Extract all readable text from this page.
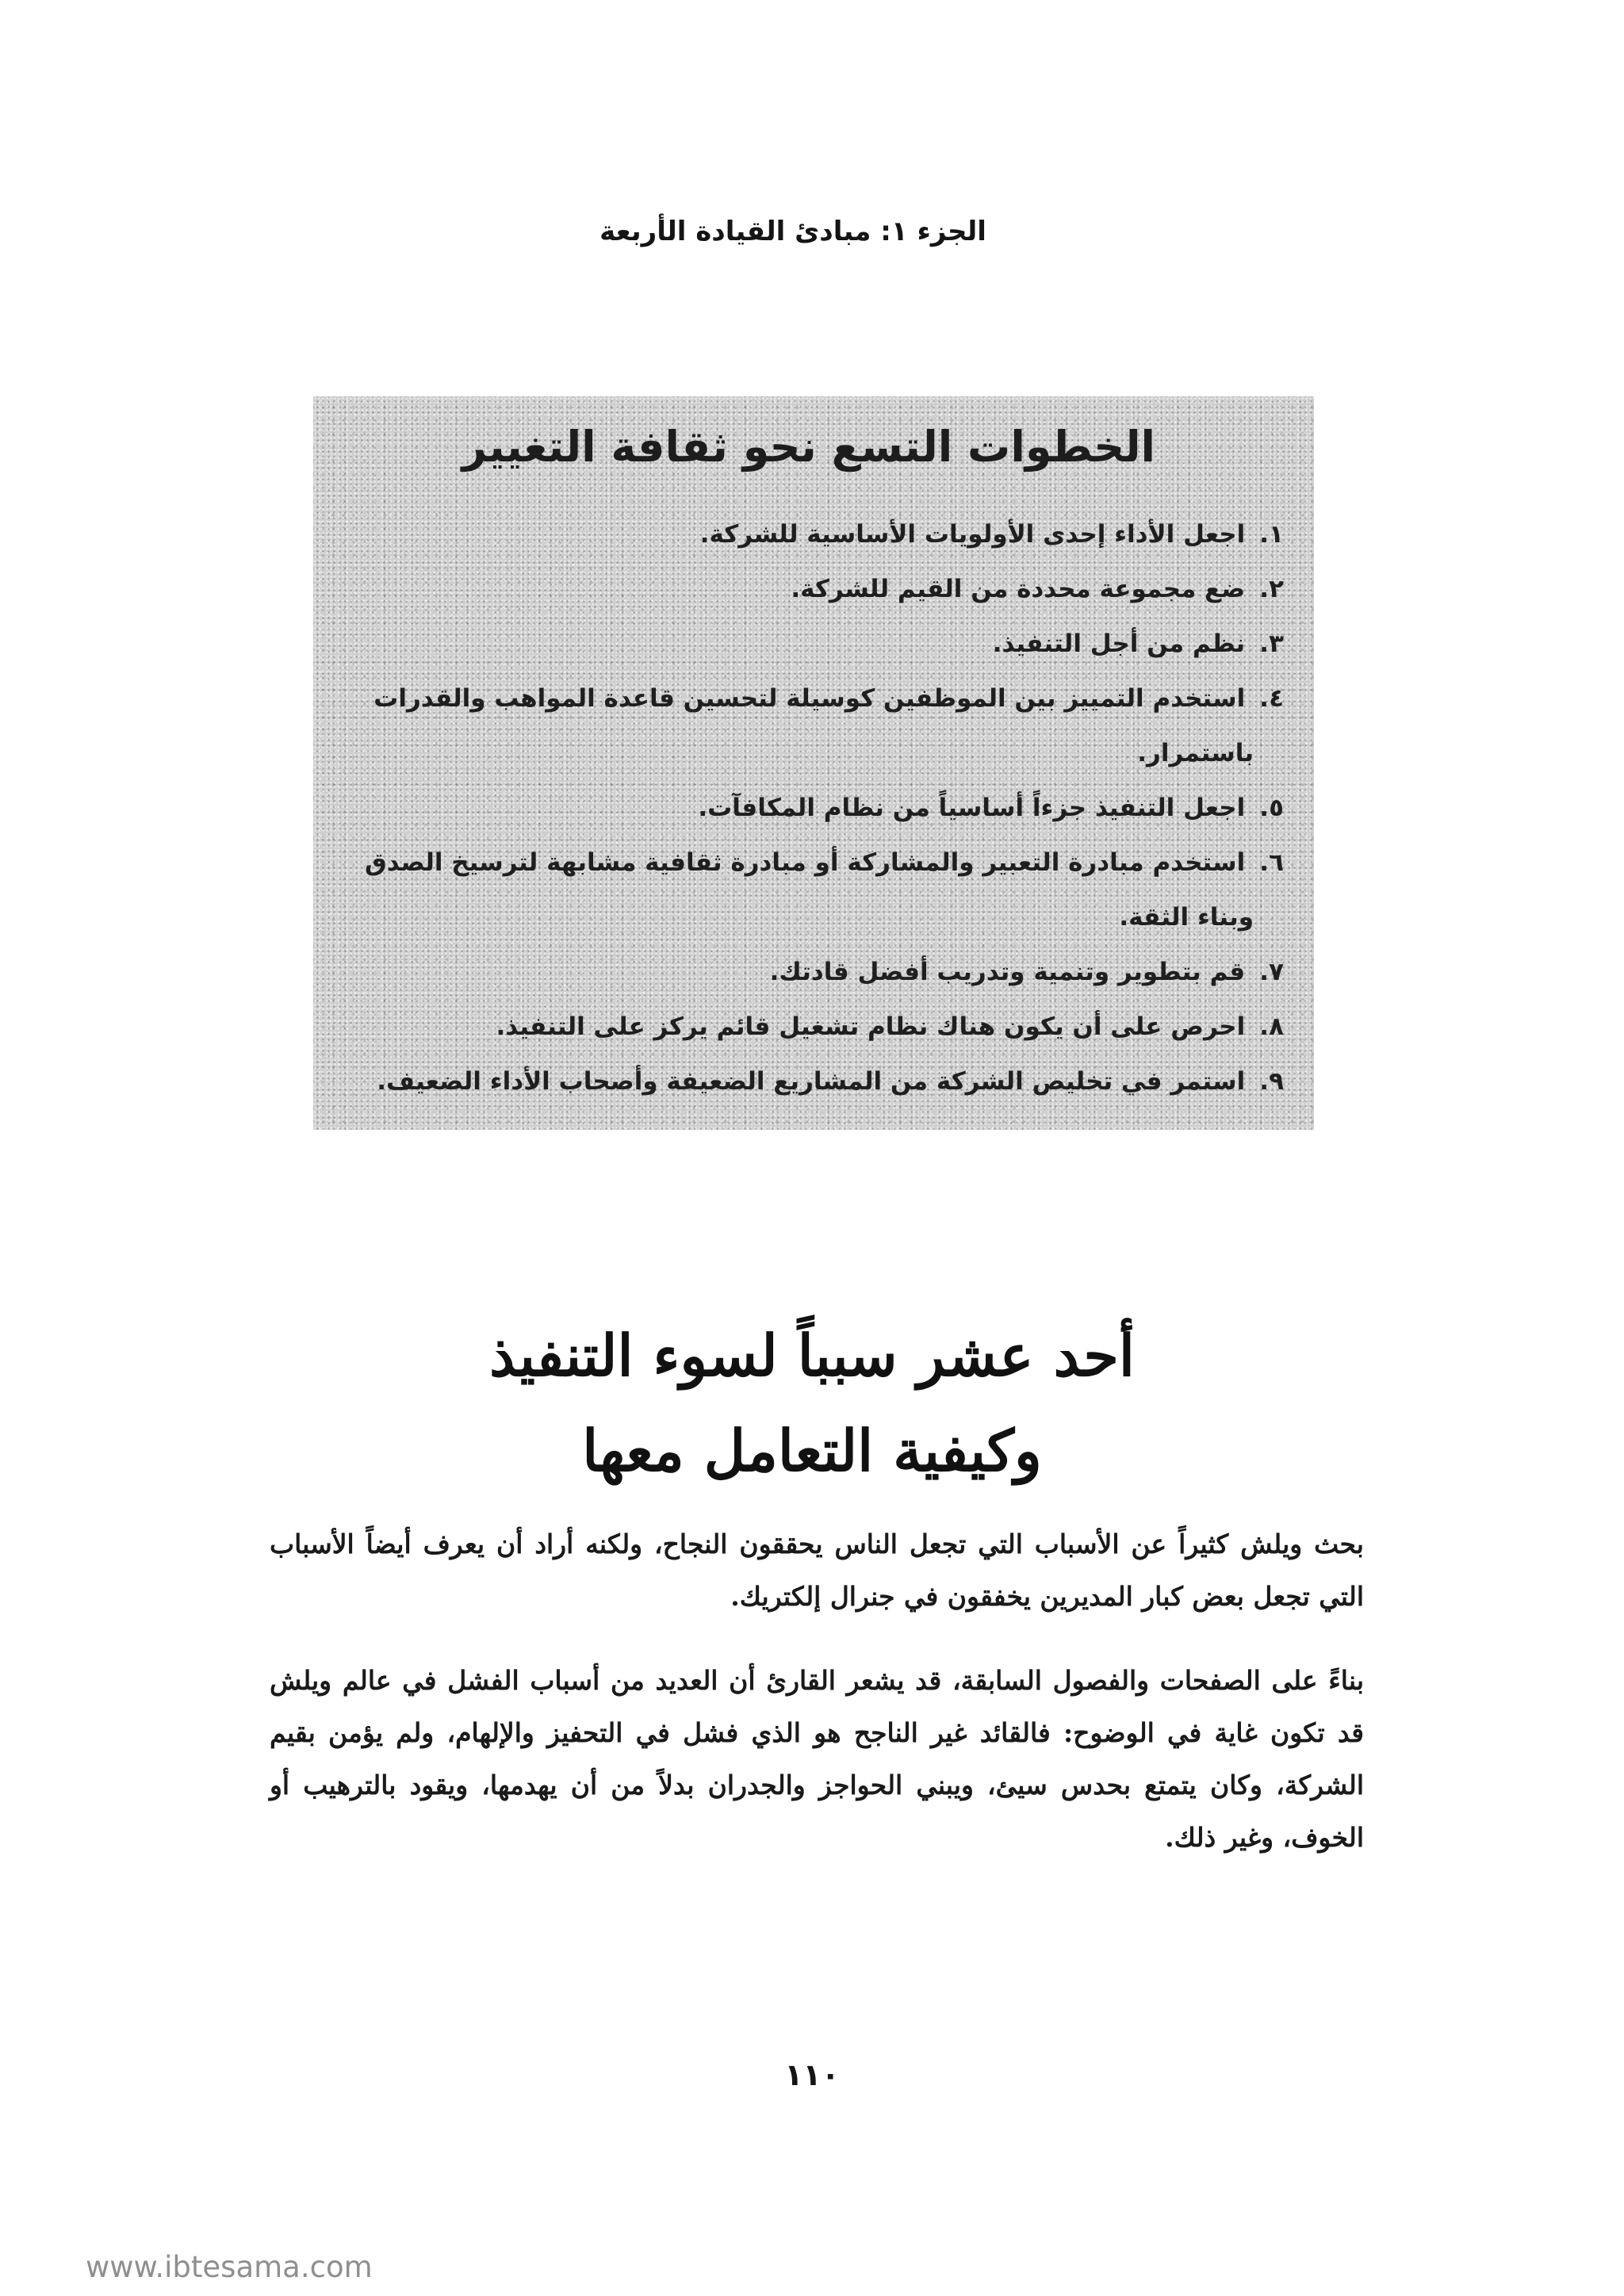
الجزء ١: مبادئ القيادة الأربعة
الخطوات التسع نحو ثقافة التغيير
١. اجعل الأداء إحدى الأولويات الأساسية للشركة.
٢. ضع مجموعة محددة من القيم للشركة.
٣. نظم من أجل التنفيذ.
٤. استخدم التمييز بين الموظفين كوسيلة لتحسين قاعدة المواهب والقدرات
باستمرار.
٥. اجعل التنفيذ جزءاً أساسياً من نظام المكافآت.
٦. استخدم مبادرة التعبير والمشاركة أو مبادرة ثقافية مشابهة لترسيخ الصدق
وبناء الثقة.
٧. قم بتطوير وتنمية وتدريب أفضل قادتك.
٨. احرص على أن يكون هناك نظام تشغيل قائم يركز على التنفيذ.
٩. استمر في تخليص الشركة من المشاريع الضعيفة وأصحاب الأداء الضعيف.
أحد عشر سبباً لسوء التنفيذ
وكيفية التعامل معها

بحث ويلش كثيراً عن الأسباب التي تجعل الناس يحققون النجاح، ولكنه أراد أن يعرف أيضاً الأسباب التي تجعل بعض كبار المديرين يخفقون في جنرال إلكتريك.

بناءً على الصفحات والفصول السابقة، قد يشعر القارئ أن العديد من أسباب الفشل في عالم ويلش قد تكون غاية في الوضوح: فالقائد غير الناجح هو الذي فشل في التحفيز والإلهام، ولم يؤمن بقيم الشركة، وكان يتمتع بحدس سيئ، ويبني الحواجز والجدران بدلاً من أن يهدمها، ويقود بالترهيب أو الخوف، وغير ذلك.

١١٠
www.ibtesama.com
